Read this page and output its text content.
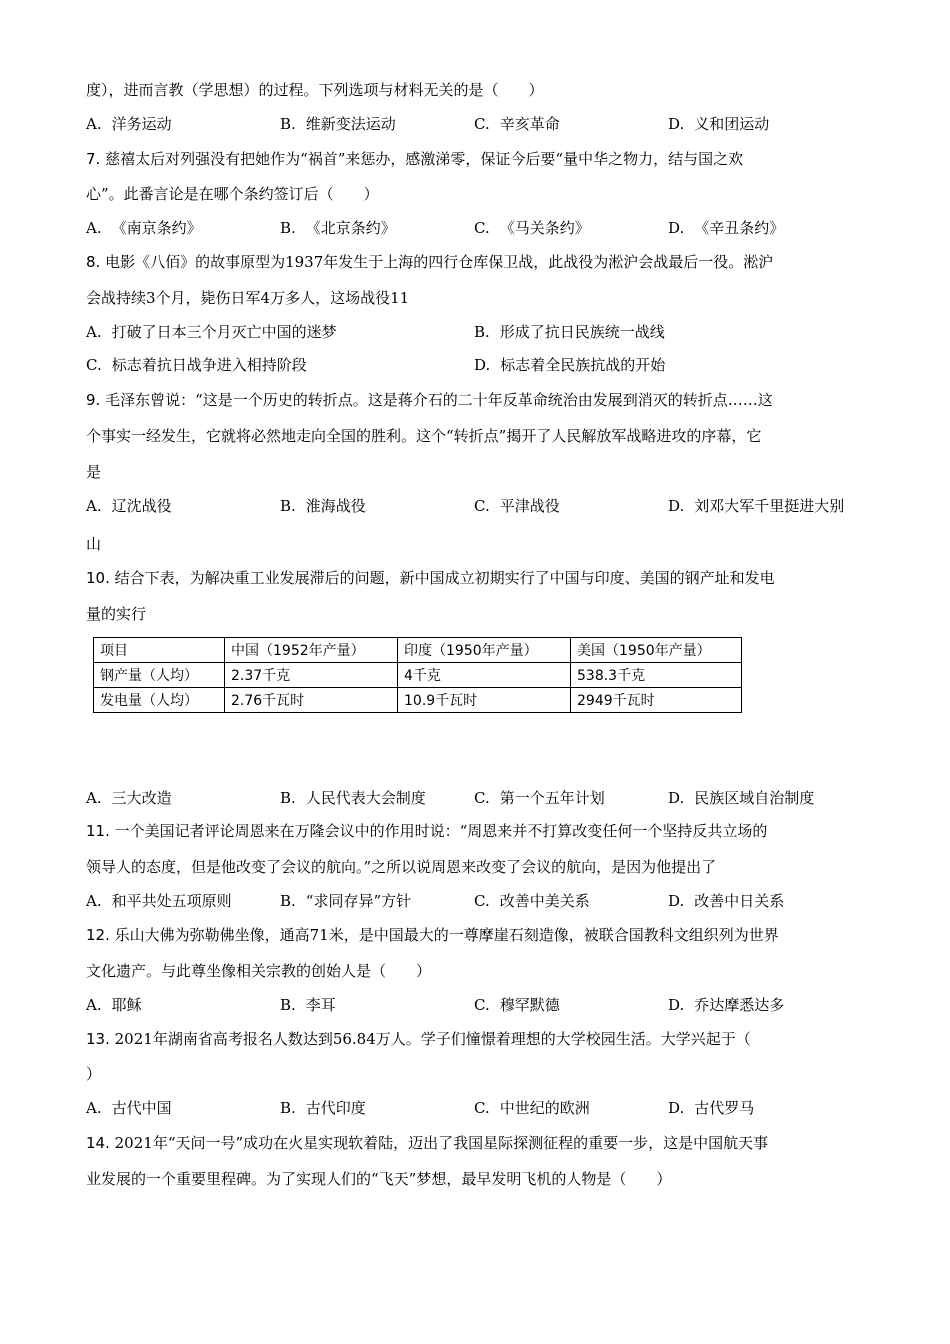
度），进而言教（学思想）的过程。下列选项与材料无关的是（　　）
A. 洋务运动	B. 维新变法运动	C. 辛亥革命	D. 义和团运动
7. 慈禧太后对列强没有把她作为“祸首”来惩办，感激涕零，保证今后要“量中华之物力，结与国之欢
心”。此番言论是在哪个条约签订后（　　）
A. 《南京条约》	B. 《北京条约》	C. 《马关条约》	D. 《辛丑条约》
8. 电影《八佰》的故事原型为1937年发生于上海的四行仓库保卫战，此战役为淞沪会战最后一役。淞沪
会战持续3个月，毙伤日军4万多人，这场战役11
A. 打破了日本三个月灭亡中国的迷梦	B. 形成了抗日民族统一战线
C. 标志着抗日战争进入相持阶段	D. 标志着全民族抗战的开始
9. 毛泽东曾说：“这是一个历史的转折点。这是蒋介石的二十年反革命统治由发展到消灭的转折点……这
个事实一经发生，它就将必然地走向全国的胜利。这个“转折点”揭开了人民解放军战略进攻的序幕，它
是
A. 辽沈战役	B. 淮海战役	C. 平津战役	D. 刘邓大军千里挺进大别
山
10. 结合下表，为解决重工业发展滞后的问题，新中国成立初期实行了中国与印度、美国的钢产址和发电
量的实行
项目	中国（1952年产量）	印度（1950年产量）	美国（1950年产量）
钢产量（人均）	2.37千克	4千克	538.3千克
发电量（人均）	2.76千瓦时	10.9千瓦时	2949千瓦时
A. 三大改造	B. 人民代表大会制度	C. 第一个五年计划	D. 民族区域自治制度
11. 一个美国记者评论周恩来在万隆会议中的作用时说：“周恩来并不打算改变任何一个坚持反共立场的
领导人的态度，但是他改变了会议的航向。”之所以说周恩来改变了会议的航向，是因为他提出了
A. 和平共处五项原则	B. “求同存异”方针	C. 改善中美关系	D. 改善中日关系
12. 乐山大佛为弥勒佛坐像，通高71米，是中国最大的一尊摩崖石刻造像，被联合国教科文组织列为世界
文化遗产。与此尊坐像相关宗教的创始人是（　　）
A. 耶稣	B. 李耳	C. 穆罕默德	D. 乔达摩悉达多
13. 2021年湖南省高考报名人数达到56.84万人。学子们憧憬着理想的大学校园生活。大学兴起于（
）
A. 古代中国	B. 古代印度	C. 中世纪的欧洲	D. 古代罗马
14. 2021年“天问一号”成功在火星实现软着陆，迈出了我国星际探测征程的重要一步，这是中国航天事
业发展的一个重要里程碑。为了实现人们的“飞天”梦想，最早发明飞机的人物是（　　）
